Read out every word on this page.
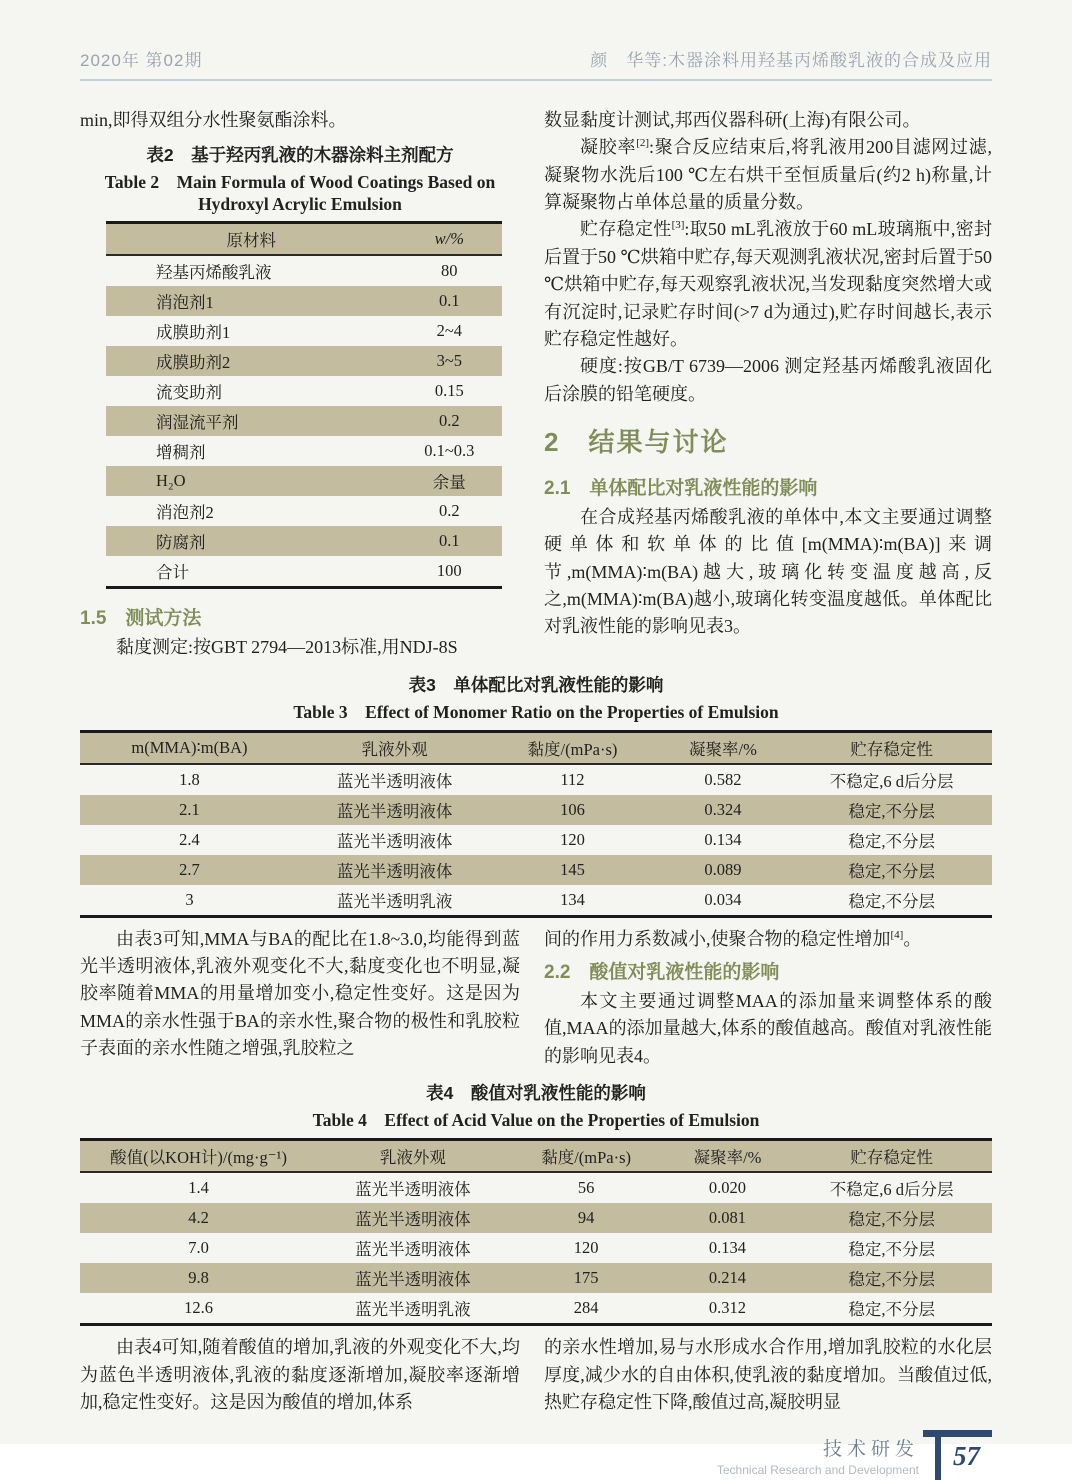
2020年 第02期	颜　华等:木器涂料用羟基丙烯酸乳液的合成及应用

min,即得双组分水性聚氨酯涂料。

表2　基于羟丙乳液的木器涂料主剂配方
Table 2　Main Formula of Wood Coatings Based on
Hydroxyl Acrylic Emulsion
原材料	w/%
羟基丙烯酸乳液	80
消泡剂1	0.1
成膜助剂1	2~4
成膜助剂2	3~5
流变助剂	0.15
润湿流平剂	0.2
增稠剂	0.1~0.3
H₂O	余量
消泡剂2	0.2
防腐剂	0.1
合计	100
1.5　测试方法

黏度测定:按GBT 2794—2013标准,用NDJ-8S

数显黏度计测试,邦西仪器科研(上海)有限公司。

凝胶率[2]:聚合反应结束后,将乳液用200目滤网过滤,凝聚物水洗后100 ℃左右烘干至恒质量后(约2 h)称量,计算凝聚物占单体总量的质量分数。

贮存稳定性[3]:取50 mL乳液放于60 mL玻璃瓶中,密封后置于50 ℃烘箱中贮存,每天观测乳液状况,密封后置于50 ℃烘箱中贮存,每天观察乳液状况,当发现黏度突然增大或有沉淀时,记录贮存时间(>7 d为通过),贮存时间越长,表示贮存稳定性越好。

硬度:按GB/T 6739—2006 测定羟基丙烯酸乳液固化后涂膜的铅笔硬度。

2　结果与讨论
2.1　单体配比对乳液性能的影响

在合成羟基丙烯酸乳液的单体中,本文主要通过调整硬单体和软单体的比值[m(MMA)∶m(BA)]来调节,m(MMA)∶m(BA)越大,玻璃化转变温度越高,反之,m(MMA)∶m(BA)越小,玻璃化转变温度越低。单体配比对乳液性能的影响见表3。

表3　单体配比对乳液性能的影响
Table 3　Effect of Monomer Ratio on the Properties of Emulsion
m(MMA)∶m(BA)	乳液外观	黏度/(mPa·s)	凝聚率/%	贮存稳定性
1.8	蓝光半透明液体	112	0.582	不稳定,6 d后分层
2.1	蓝光半透明液体	106	0.324	稳定,不分层
2.4	蓝光半透明液体	120	0.134	稳定,不分层
2.7	蓝光半透明液体	145	0.089	稳定,不分层
3	蓝光半透明乳液	134	0.034	稳定,不分层

由表3可知,MMA与BA的配比在1.8~3.0,均能得到蓝光半透明液体,乳液外观变化不大,黏度变化也不明显,凝胶率随着MMA的用量增加变小,稳定性变好。这是因为MMA的亲水性强于BA的亲水性,聚合物的极性和乳胶粒子表面的亲水性随之增强,乳胶粒之

间的作用力系数减小,使聚合物的稳定性增加[4]。

2.2　酸值对乳液性能的影响

本文主要通过调整MAA的添加量来调整体系的酸值,MAA的添加量越大,体系的酸值越高。酸值对乳液性能的影响见表4。

表4　酸值对乳液性能的影响
Table 4　Effect of Acid Value on the Properties of Emulsion
酸值(以KOH计)/(mg·g⁻¹)	乳液外观	黏度/(mPa·s)	凝聚率/%	贮存稳定性
1.4	蓝光半透明液体	56	0.020	不稳定,6 d后分层
4.2	蓝光半透明液体	94	0.081	稳定,不分层
7.0	蓝光半透明液体	120	0.134	稳定,不分层
9.8	蓝光半透明液体	175	0.214	稳定,不分层
12.6	蓝光半透明乳液	284	0.312	稳定,不分层

由表4可知,随着酸值的增加,乳液的外观变化不大,均为蓝色半透明液体,乳液的黏度逐渐增加,凝胶率逐渐增加,稳定性变好。这是因为酸值的增加,体系

的亲水性增加,易与水形成水合作用,增加乳胶粒的水化层厚度,减少水的自由体积,使乳液的黏度增加。当酸值过低,热贮存稳定性下降,酸值过高,凝胶明显

技术研发
Technical Research and Development	57
